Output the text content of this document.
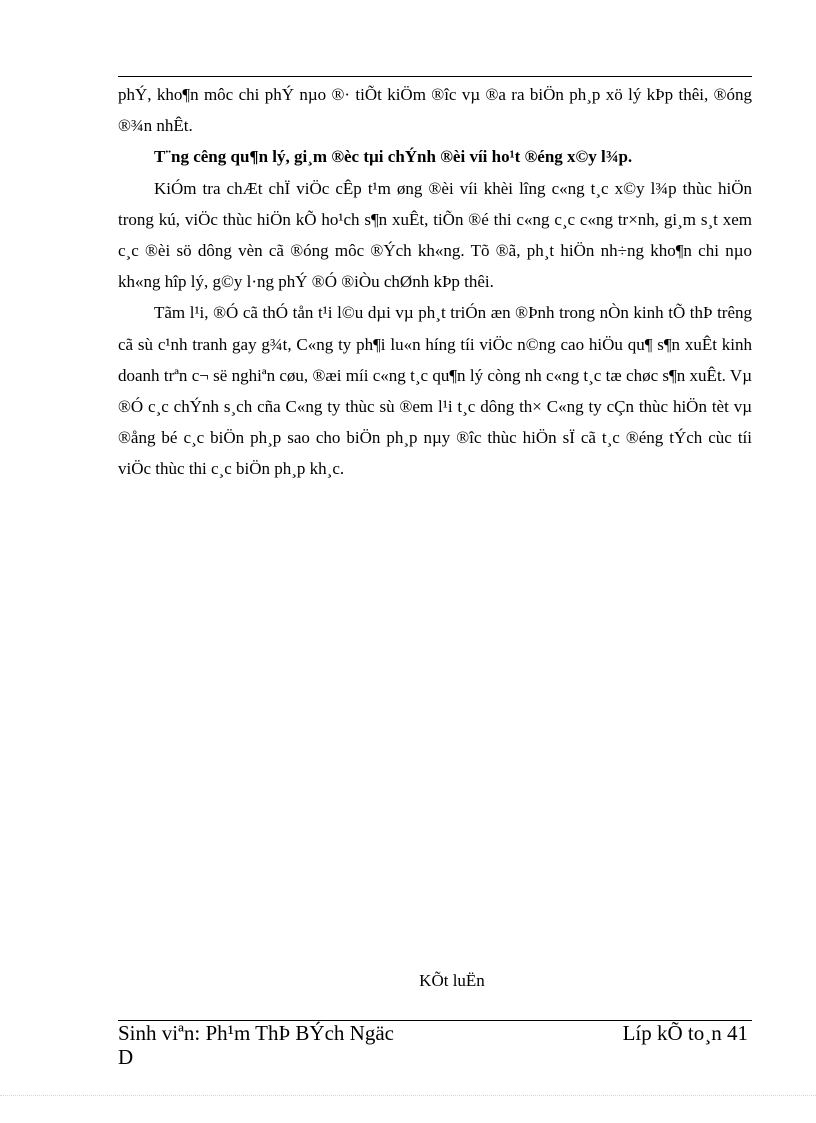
phÝ, kho¶n môc chi phÝ nµo ®· tiÕt kiÖm ®îc vµ ®a ra biÖn ph¸p xö lý kÞp thêi, ®óng ®¾n nhÊt.

T¨ng cêng qu¶n lý, gi¸m ®èc tµi chÝnh ®èi víi ho¹t ®éng x©y l¾p.

KiÓm tra chÆt chÏ viÖc cÊp t¹m øng ®èi víi khèi lîng c«ng t¸c x©y l¾p thùc hiÖn trong kú, viÖc thùc hiÖn kÕ ho¹ch s¶n xuÊt, tiÕn ®é thi c«ng c¸c c«ng tr×nh, gi¸m s¸t xem c¸c ®èi sö dông vèn cã ®óng môc ®Ých kh«ng. Tõ ®ã, ph¸t hiÖn nh÷ng kho¶n chi nµo kh«ng hîp lý, g©y l·ng phÝ ®Ó ®iÒu chØnh kÞp thêi.

Tãm l¹i, ®Ó cã thÓ tån t¹i l©u dµi vµ ph¸t triÓn æn ®Þnh trong nÒn kinh tÕ thÞ trêng cã sù c¹nh tranh gay g¾t, C«ng ty ph¶i lu«n híng tíi viÖc n©ng cao hiÖu qu¶ s¶n xuÊt kinh doanh trªn c¬ së nghiªn cøu, ®æi míi c«ng t¸c qu¶n lý còng nh c«ng t¸c tæ chøc s¶n xuÊt. Vµ ®Ó c¸c chÝnh s¸ch cña C«ng ty thùc sù ®em l¹i t¸c dông th× C«ng ty cÇn thùc hiÖn tèt vµ ®ång bé c¸c biÖn ph¸p sao cho biÖn ph¸p nµy ®îc thùc hiÖn sÏ cã t¸c ®éng tÝch cùc tíi viÖc thùc thi c¸c biÖn ph¸p kh¸c.

KÕt luËn
Sinh viªn: Ph¹m ThÞ BÝch Ngäc
D
Líp kÕ to¸n 41
